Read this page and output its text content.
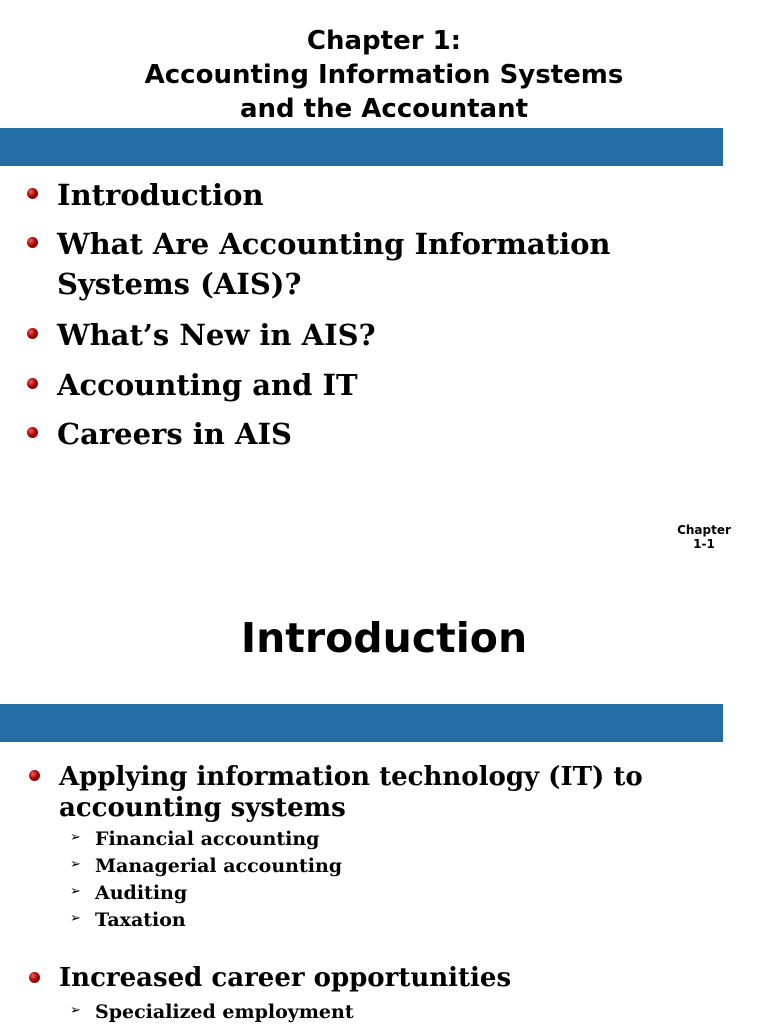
Chapter 1:
Accounting Information Systems
and the Accountant
Introduction
What Are Accounting Information Systems (AIS)?
What’s New in AIS?
Accounting and IT
Careers in AIS
Chapter
1-1
Introduction
Applying information technology (IT) to accounting systems
➢ Financial accounting
➢ Managerial accounting
➢ Auditing
➢ Taxation
Increased career opportunities
➢ Specialized employment
